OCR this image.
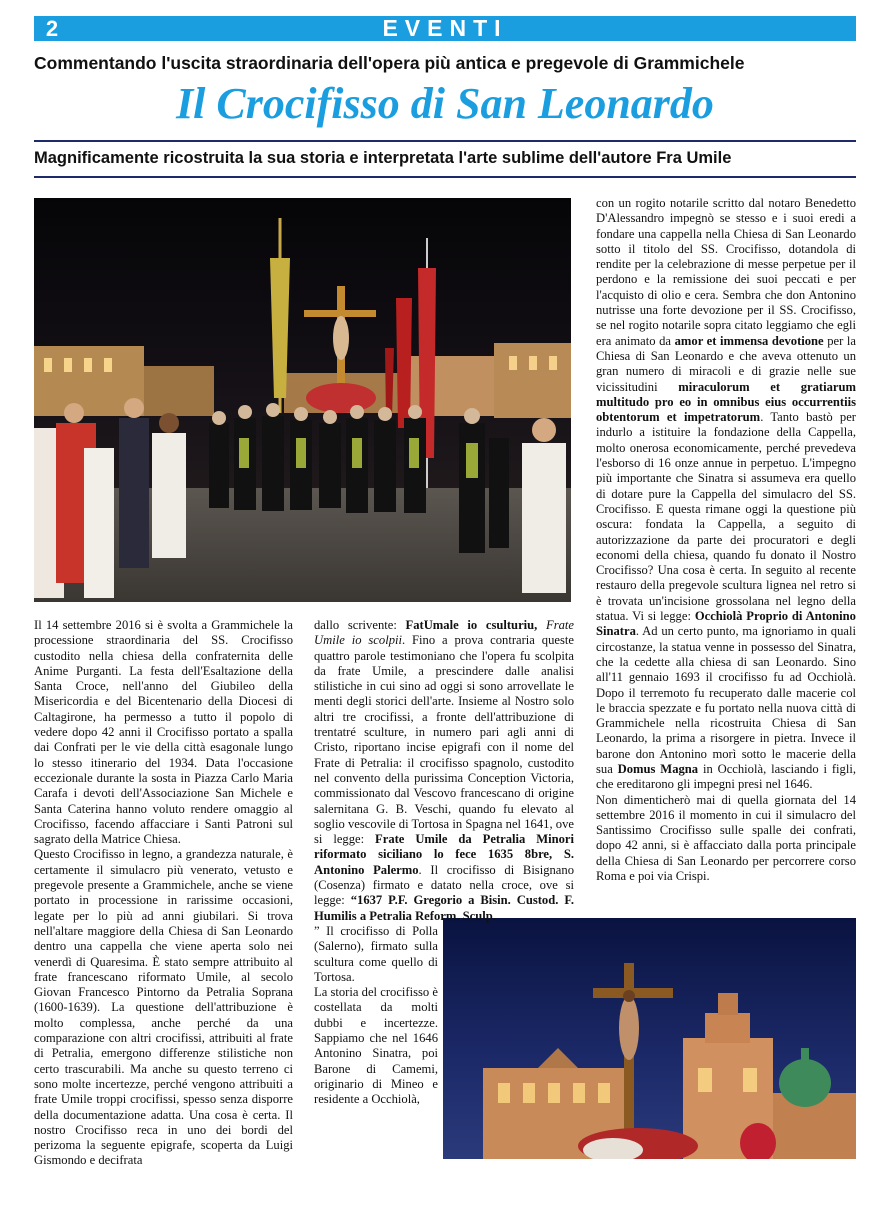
2	EVENTI
Commentando l'uscita straordinaria dell'opera più antica e pregevole di Grammichele
Il Crocifisso di San Leonardo
Magnificamente ricostruita la sua storia e interpretata l'arte sublime dell'autore Fra Umile

Il 14 settembre 2016 si è svolta a Grammichele la processione straordinaria del SS. Crocifisso custodito nella chiesa della confraternita delle Anime Purganti. La festa dell'Esaltazione della Santa Croce, nell'anno del Giubileo della Misericordia e del Bicentenario della Diocesi di Caltagirone, ha permesso a tutto il popolo di vedere dopo 42 anni il Crocifisso portato a spalla dai Confrati per le vie della città esagonale lungo lo stesso itinerario del 1934. Data l'occasione eccezionale durante la sosta in Piazza Carlo Maria Carafa i devoti dell'Associazione San Michele e Santa Caterina hanno voluto rendere omaggio al Crocifisso, facendo affacciare i Santi Patroni sul sagrato della Matrice Chiesa.

Questo Crocifisso in legno, a grandezza naturale, è certamente il simulacro più venerato, vetusto e pregevole presente a Grammichele, anche se viene portato in processione in rarissime occasioni, legate per lo più ad anni giubilari. Si trova nell'altare maggiore della Chiesa di San Leonardo dentro una cappella che viene aperta solo nei venerdì di Quaresima. È stato sempre attribuito al frate francescano riformato Umile, al secolo Giovan Francesco Pintorno da Petralia Soprana (1600-1639). La questione dell'attribuzione è molto complessa, anche perché da una comparazione con altri crocifissi, attribuiti al frate di Petralia, emergono differenze stilistiche non certo trascurabili. Ma anche su questo terreno ci sono molte incertezze, perché vengono attribuiti a frate Umile troppi crocifissi, spesso senza disporre della documentazione adatta. Una cosa è certa. Il nostro Crocifisso reca in uno dei bordi del perizoma la seguente epigrafe, scoperta da Luigi Gismondo e decifrata

dallo scrivente: FatUmale io csulturiu, Frate Umile io scolpii. Fino a prova contraria queste quattro parole testimoniano che l'opera fu scolpita da frate Umile, a prescindere dalle analisi stilistiche in cui sino ad oggi si sono arrovellate le menti degli storici dell'arte. Insieme al Nostro solo altri tre crocifissi, a fronte dell'attribuzione di trentatré sculture, in numero pari agli anni di Cristo, riportano incise epigrafi con il nome del Frate di Petralia: il crocifisso spagnolo, custodito nel convento della purissima Conception Victoria, commissionato dal Vescovo francescano di origine salernitana G. B. Veschi, quando fu elevato al soglio vescovile di Tortosa in Spagna nel 1641, ove si legge: Frate Umile da Petralia Minori riformato siciliano lo fece 1635 8bre, S. Antonino Palermo. Il crocifisso di Bisignano (Cosenza) firmato e datato nella croce, ove si legge: “1637 P.F. Gregorio a Bisin. Custod. F. Humilis a Petralia Reform. Sculp.

” Il crocifisso di Polla (Salerno), firmato sulla scultura come quello di Tortosa.

La storia del crocifisso è costellata da molti dubbi e incertezze. Sappiamo che nel 1646 Antonino Sinatra, poi Barone di Camemi, originario di Mineo e residente a Occhiolà,

con un rogito notarile scritto dal notaro Benedetto D'Alessandro impegnò se stesso e i suoi eredi a fondare una cappella nella Chiesa di San Leonardo sotto il titolo del SS. Crocifisso, dotandola di rendite per la celebrazione di messe perpetue per il perdono e la remissione dei suoi peccati e per l'acquisto di olio e cera. Sembra che don Antonino nutrisse una forte devozione per il SS. Crocifisso, se nel rogito notarile sopra citato leggiamo che egli era animato da amor et immensa devotione per la Chiesa di San Leonardo e che aveva ottenuto un gran numero di miracoli e di grazie nelle sue vicissitudini miraculorum et gratiarum multitudo pro eo in omnibus eius occurrentiis obtentorum et impetratorum. Tanto bastò per indurlo a istituire la fondazione della Cappella, molto onerosa economicamente, perché prevedeva l'esborso di 16 onze annue in perpetuo. L'impegno più importante che Sinatra si assumeva era quello di dotare pure la Cappella del simulacro del SS. Crocifisso. E questa rimane oggi la questione più oscura: fondata la Cappella, a seguito di autorizzazione da parte dei procuratori e degli economi della chiesa, quando fu donato il Nostro Crocifisso? Una cosa è certa. In seguito al recente restauro della pregevole scultura lignea nel retro si è trovata un'incisione grossolana nel legno della statua. Vi si legge: Occhiolà Proprio di Antonino Sinatra. Ad un certo punto, ma ignoriamo in quali circostanze, la statua venne in possesso del Sinatra, che la cedette alla chiesa di san Leonardo. Sino all'11 gennaio 1693 il crocifisso fu ad Occhiolà. Dopo il terremoto fu recuperato dalle macerie col le braccia spezzate e fu portato nella nuova città di Grammichele nella ricostruita Chiesa di San Leonardo, la prima a risorgere in pietra. Invece il barone don Antonino morì sotto le macerie della sua Domus Magna in Occhiolà, lasciando i figli, che ereditarono gli impegni presi nel 1646.

Non dimenticherò mai di quella giornata del 14 settembre 2016 il momento in cui il simulacro del Santissimo Crocifisso sulle spalle dei confrati, dopo 42 anni, si è affacciato dalla porta principale della Chiesa di San Leonardo per percorrere corso Roma e poi via Crispi.
